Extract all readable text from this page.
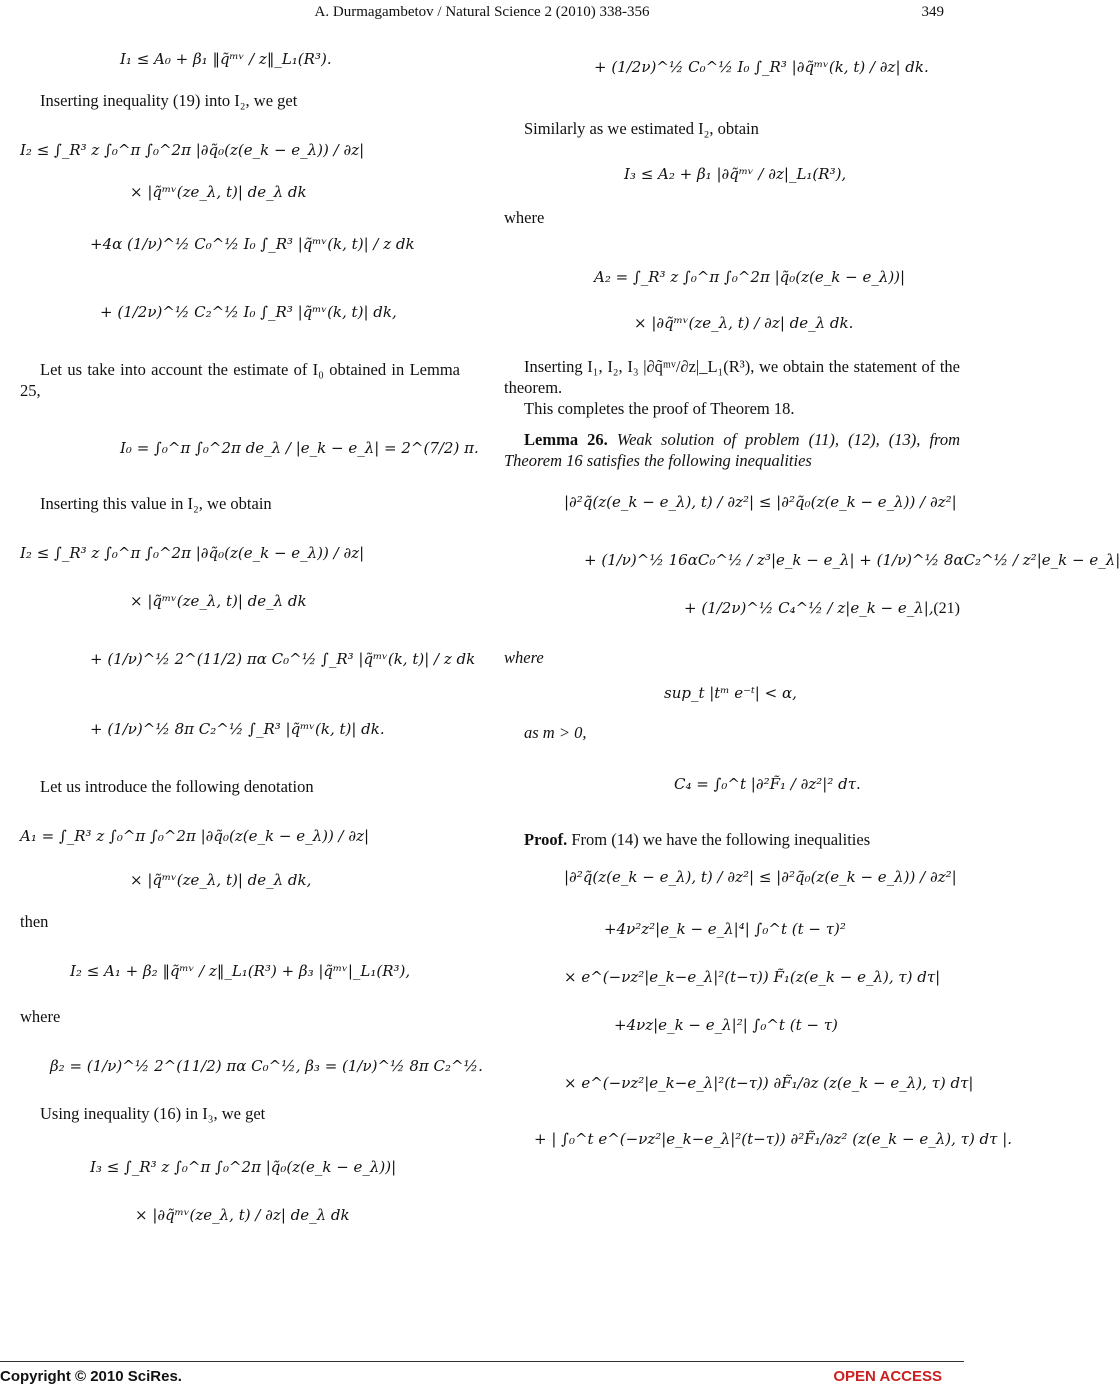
A. Durmagambetov / Natural Science 2 (2010) 338-356	349
I₁ ≤ A₀ + β₁ ‖q̃ᵐᵛ / z‖_L₁(R³).

Inserting inequality (19) into I₂, we get

I₂ ≤ ∫_R³ z ∫₀^π ∫₀^2π |∂q̃₀(z(e_k − e_λ)) / ∂z|
× |q̃ᵐᵛ(ze_λ, t)| de_λ dk
+4α (1/ν)^½ C₀^½ I₀ ∫_R³ |q̃ᵐᵛ(k, t)| / z dk
+ (1/2ν)^½ C₂^½ I₀ ∫_R³ |q̃ᵐᵛ(k, t)| dk,

Let us take into account the estimate of I₀ obtained in Lemma 25,

I₀ = ∫₀^π ∫₀^2π de_λ / |e_k − e_λ| = 2^(7/2) π.

Inserting this value in I₂, we obtain

I₂ ≤ ∫_R³ z ∫₀^π ∫₀^2π |∂q̃₀(z(e_k − e_λ)) / ∂z|
× |q̃ᵐᵛ(ze_λ, t)| de_λ dk
+ (1/ν)^½ 2^(11/2) πα C₀^½ ∫_R³ |q̃ᵐᵛ(k, t)| / z dk
+ (1/ν)^½ 8π C₂^½ ∫_R³ |q̃ᵐᵛ(k, t)| dk.

Let us introduce the following denotation

A₁ = ∫_R³ z ∫₀^π ∫₀^2π |∂q̃₀(z(e_k − e_λ)) / ∂z|
× |q̃ᵐᵛ(ze_λ, t)| de_λ dk,

then

I₂ ≤ A₁ + β₂ ‖q̃ᵐᵛ / z‖_L₁(R³) + β₃ |q̃ᵐᵛ|_L₁(R³),

where

β₂ = (1/ν)^½ 2^(11/2) πα C₀^½, β₃ = (1/ν)^½ 8π C₂^½.

Using inequality (16) in I₃, we get

I₃ ≤ ∫_R³ z ∫₀^π ∫₀^2π |q̃₀(z(e_k − e_λ))|
× |∂q̃ᵐᵛ(ze_λ, t) / ∂z| de_λ dk
+ (1/2ν)^½ C₀^½ I₀ ∫_R³ |∂q̃ᵐᵛ(k, t) / ∂z| dk.

Similarly as we estimated I₂, obtain

I₃ ≤ A₂ + β₁ |∂q̃ᵐᵛ / ∂z|_L₁(R³),

where

A₂ = ∫_R³ z ∫₀^π ∫₀^2π |q̃₀(z(e_k − e_λ))|
× |∂q̃ᵐᵛ(ze_λ, t) / ∂z| de_λ dk.

Inserting I₁, I₂, I₃ |∂q̃ᵐᵛ/∂z|_L₁(R³), we obtain the statement of the theorem.

This completes the proof of Theorem 18.

Lemma 26. Weak solution of problem (11), (12), (13), from Theorem 16 satisfies the following inequalities

|∂²q̃(z(e_k − e_λ), t) / ∂z²| ≤ |∂²q̃₀(z(e_k − e_λ)) / ∂z²|
+ (1/ν)^½ 16αC₀^½ / z³|e_k − e_λ| + (1/ν)^½ 8αC₂^½ / z²|e_k − e_λ|
+ (1/2ν)^½ C₄^½ / z|e_k − e_λ|, (21)

where

sup_t |tᵐ e⁻ᵗ| < α,

as m > 0,

C₄ = ∫₀^t |∂²F̃₁ / ∂z²|² dτ.

Proof. From (14) we have the following inequalities

|∂²q̃(z(e_k − e_λ), t) / ∂z²| ≤ |∂²q̃₀(z(e_k − e_λ)) / ∂z²|
+4ν²z²|e_k − e_λ|⁴| ∫₀^t (t − τ)²
× e^(−νz²|e_k−e_λ|²(t−τ)) F̃₁(z(e_k − e_λ), τ) dτ|
+4νz|e_k − e_λ|²| ∫₀^t (t − τ)
× e^(−νz²|e_k−e_λ|²(t−τ)) ∂F̃₁/∂z (z(e_k − e_λ), τ) dτ|
+ | ∫₀^t e^(−νz²|e_k−e_λ|²(t−τ)) ∂²F̃₁/∂z² (z(e_k − e_λ), τ) dτ |.
Copyright © 2010 SciRes.	OPEN ACCESS
